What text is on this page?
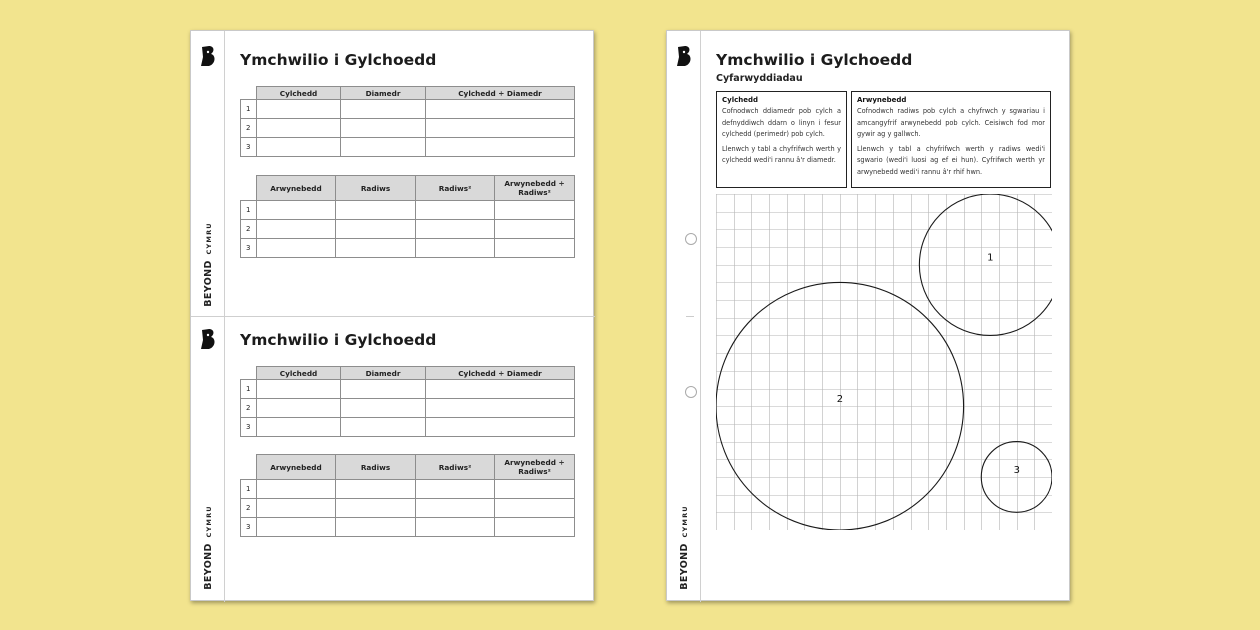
BEYOND CYMRU
Ymchwilio i Gylchoedd
	Cylchedd	Diamedr	Cylchedd ÷ Diamedr
1			
2			
3			
	Arwynebedd	Radiws	Radiws²	Arwynebedd ÷ Radiws²
1				
2				
3				
BEYOND CYMRU
Ymchwilio i Gylchoedd
	Cylchedd	Diamedr	Cylchedd ÷ Diamedr
1			
2			
3			
	Arwynebedd	Radiws	Radiws²	Arwynebedd ÷ Radiws²
1				
2				
3				
BEYOND CYMRU
Ymchwilio i Gylchoedd
Cyfarwyddiadau
Cylchedd

Cofnodwch ddiamedr pob cylch a defnyddiwch ddarn o linyn i fesur cylchedd (perimedr) pob cylch.

Llenwch y tabl a chyfrifwch werth y cylchedd wedi'i rannu â'r diamedr.

Arwynebedd

Cofnodwch radiws pob cylch a chyfrwch y sgwariau i amcangyfrif arwynebedd pob cylch. Ceisiwch fod mor gywir ag y gallwch.

Llenwch y tabl a chyfrifwch werth y radiws wedi'i sgwario (wedi'i luosi ag ef ei hun). Cyfrifwch werth yr arwynebedd wedi'i rannu â'r rhif hwn.

1
2
3
